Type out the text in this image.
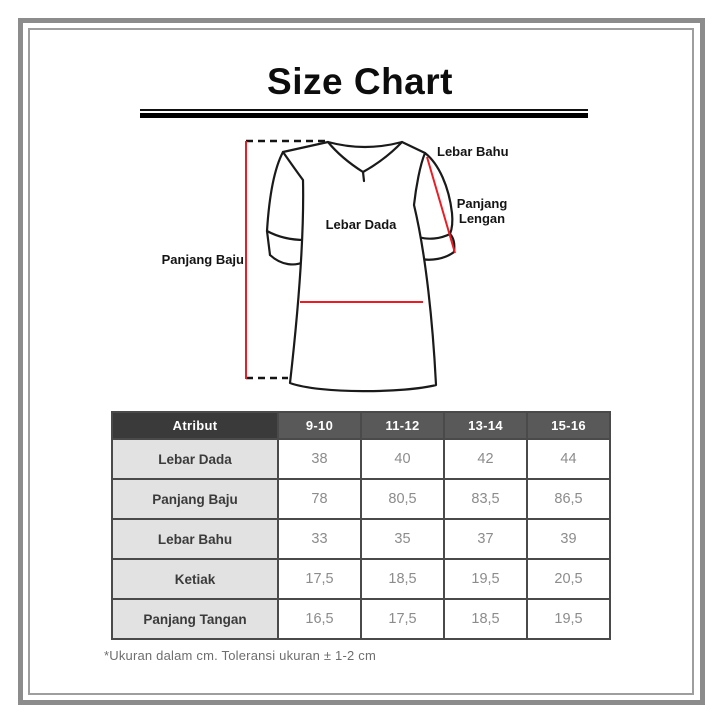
Size Chart
Panjang Baju
Lebar Dada
Lebar Bahu
Panjang
Lengan
Atribut	9-10	11-12	13-14	15-16
Lebar Dada	38	40	42	44
Panjang Baju	78	80,5	83,5	86,5
Lebar Bahu	33	35	37	39
Ketiak	17,5	18,5	19,5	20,5
Panjang Tangan	16,5	17,5	18,5	19,5
*Ukuran dalam cm. Toleransi ukuran ± 1-2 cm
